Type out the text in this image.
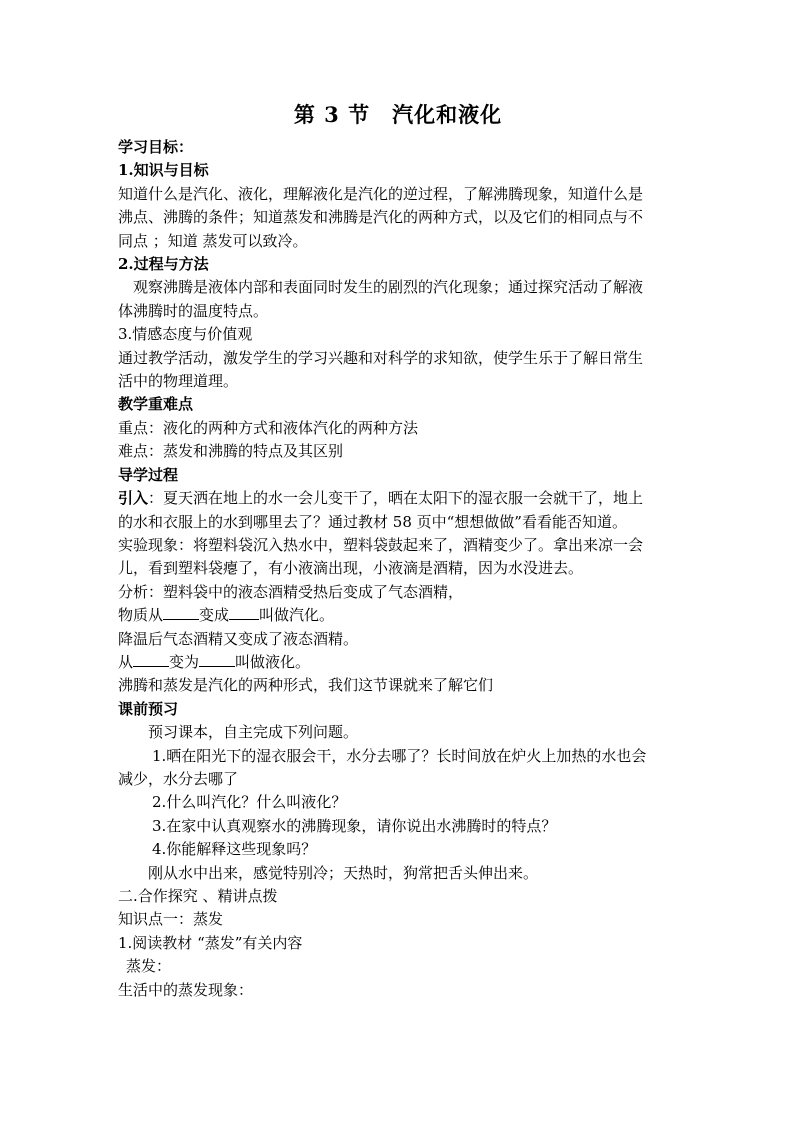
第 3 节　汽化和液化
学习目标：
1.知识与目标
知道什么是汽化、液化，理解液化是汽化的逆过程，了解沸腾现象，知道什么是
沸点、沸腾的条件；知道蒸发和沸腾是汽化的两种方式，以及它们的相同点与不
同点 ；知道 蒸发可以致冷。
2.过程与方法
观察沸腾是液体内部和表面同时发生的剧烈的汽化现象；通过探究活动了解液
体沸腾时的温度特点。
3.情感态度与价值观
通过教学活动，激发学生的学习兴趣和对科学的求知欲，使学生乐于了解日常生
活中的物理道理。
教学重难点
重点：液化的两种方式和液体汽化的两种方法
难点：蒸发和沸腾的特点及其区别
导学过程
引入：夏天洒在地上的水一会儿变干了，晒在太阳下的湿衣服一会就干了，地上
的水和衣服上的水到哪里去了？通过教材 58 页中“想想做做”看看能否知道。
实验现象：将塑料袋沉入热水中，塑料袋鼓起来了，酒精变少了。拿出来凉一会
儿，看到塑料袋瘪了，有小液滴出现，小液滴是酒精，因为水没进去。
分析：塑料袋中的液态酒精受热后变成了气态酒精，
物质从 变成 叫做汽化。
降温后气态酒精又变成了液态酒精。
从 变为 叫做液化。
沸腾和蒸发是汽化的两种形式，我们这节课就来了解它们
课前预习
预习课本，自主完成下列问题。
1.晒在阳光下的湿衣服会干，水分去哪了？长时间放在炉火上加热的水也会
减少，水分去哪了
2.什么叫汽化？什么叫液化？
3.在家中认真观察水的沸腾现象，请你说出水沸腾时的特点？
4.你能解释这些现象吗？
刚从水中出来，感觉特别冷；天热时，狗常把舌头伸出来。
二.合作探究 、精讲点拨
知识点一：蒸发
1.阅读教材 “蒸发”有关内容
蒸发：
生活中的蒸发现象：
